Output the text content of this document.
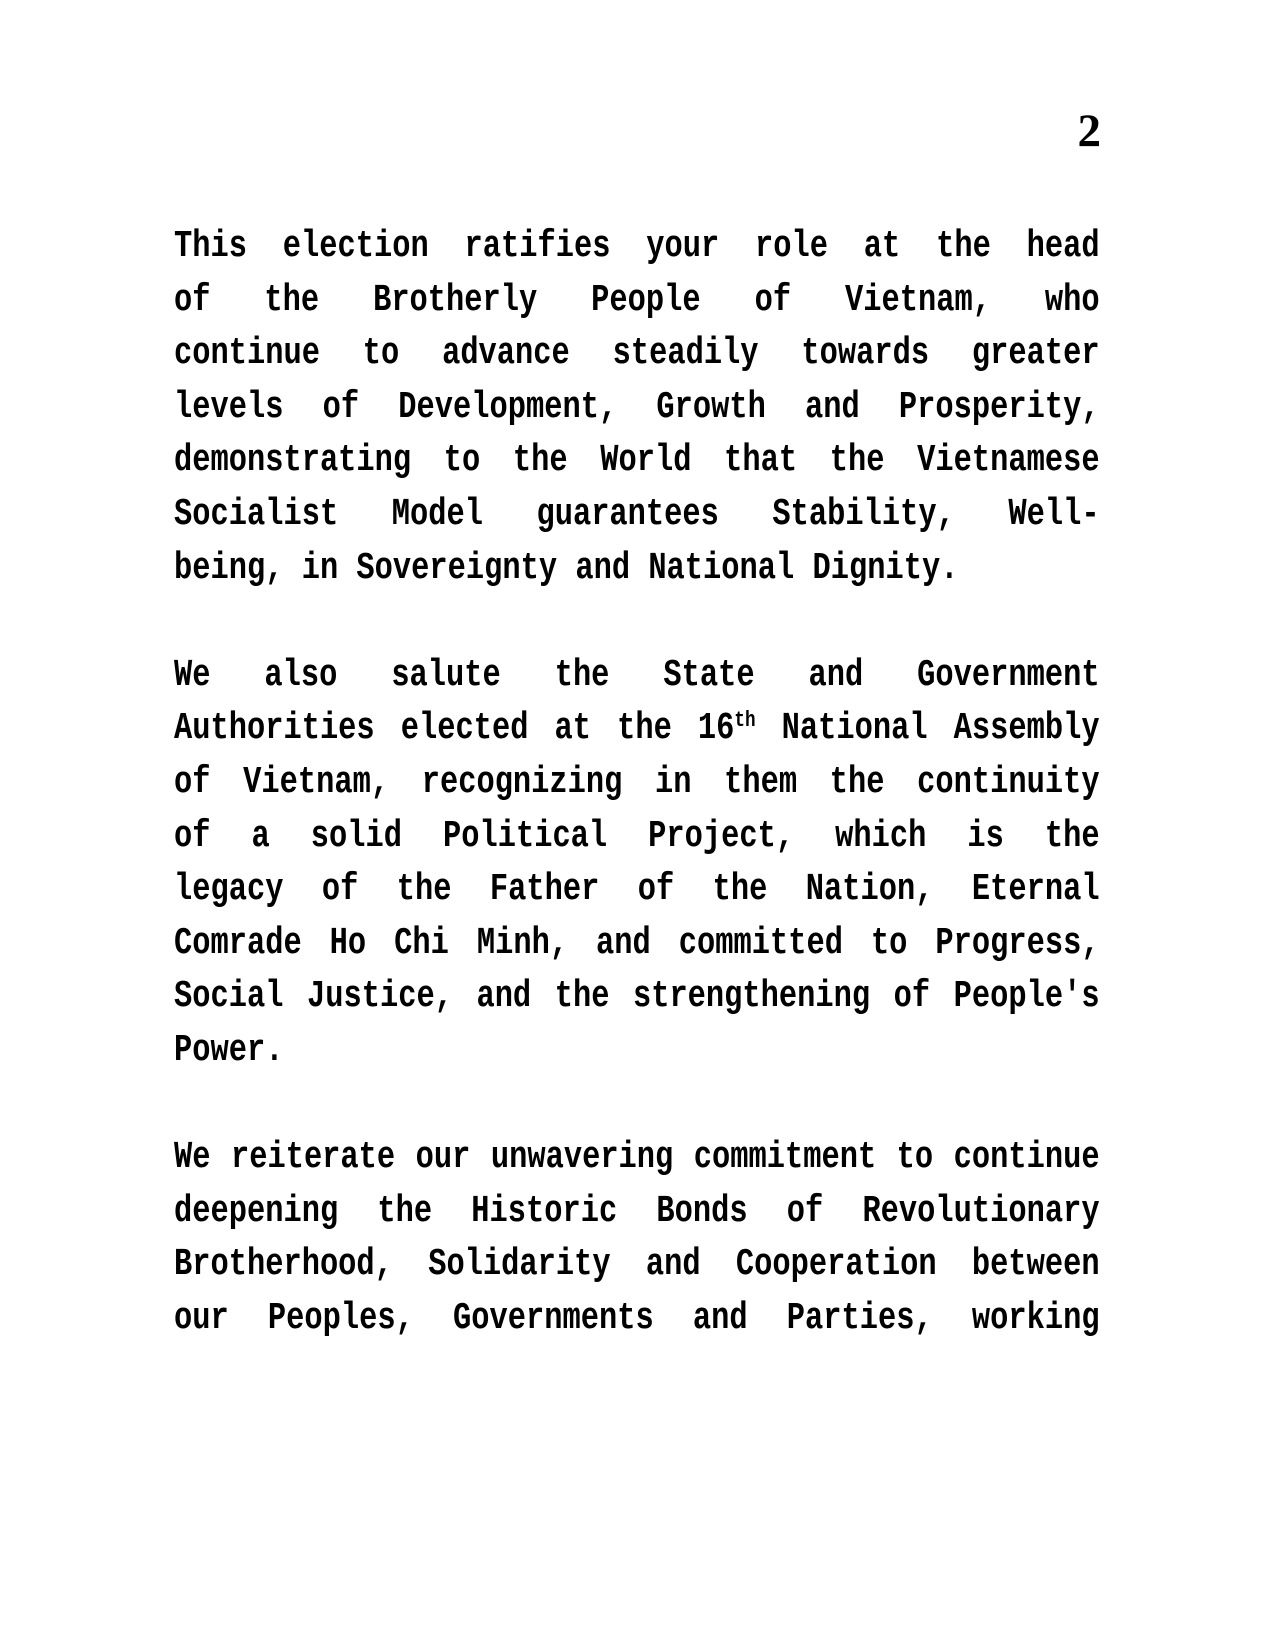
2
This election ratifies your role at the head
of the Brotherly People of Vietnam, who
continue to advance steadily towards greater
levels of Development, Growth and Prosperity,
demonstrating to the World that the Vietnamese
Socialist Model guarantees Stability, Well-
being, in Sovereignty and National Dignity.
We also salute the State and Government
Authorities elected at the 16th National Assembly
of Vietnam, recognizing in them the continuity
of a solid Political Project, which is the
legacy of the Father of the Nation, Eternal
Comrade Ho Chi Minh, and committed to Progress,
Social Justice, and the strengthening of People's
Power.
We reiterate our unwavering commitment to continue
deepening the Historic Bonds of Revolutionary
Brotherhood, Solidarity and Cooperation between
our Peoples, Governments and Parties, working
